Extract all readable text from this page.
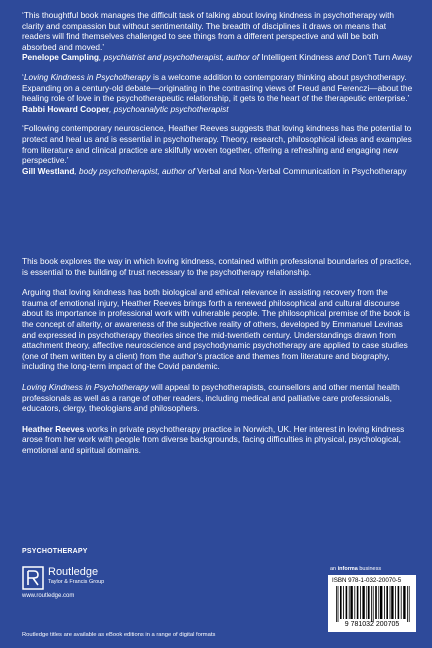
‘This thoughtful book manages the difficult task of talking about loving kindness in psychotherapy with clarity and compassion but without sentimentality. The breadth of disciplines it draws on means that readers will find themselves challenged to see things from a different perspective and will be both absorbed and moved.’

Penelope Campling, psychiatrist and psychotherapist, author of Intelligent Kindness and Don’t Turn Away

‘Loving Kindness in Psychotherapy is a welcome addition to contemporary thinking about psychotherapy. Expanding on a century-old debate—originating in the contrasting views of Freud and Ferenczi—about the healing role of love in the psychotherapeutic relationship, it gets to the heart of the therapeutic enterprise.’

Rabbi Howard Cooper, psychoanalytic psychotherapist

‘Following contemporary neuroscience, Heather Reeves suggests that loving kindness has the potential to protect and heal us and is essential in psychotherapy. Theory, research, philosophical ideas and examples from literature and clinical practice are skilfully woven together, offering a refreshing and engaging new perspective.’

Gill Westland, body psychotherapist, author of Verbal and Non-Verbal Communication in Psychotherapy

This book explores the way in which loving kindness, contained within professional boundaries of practice, is essential to the building of trust necessary to the psychotherapy relationship.

Arguing that loving kindness has both biological and ethical relevance in assisting recovery from the trauma of emotional injury, Heather Reeves brings forth a renewed philosophical and cultural discourse about its importance in professional work with vulnerable people. The philosophical premise of the book is the concept of alterity, or awareness of the subjective reality of others, developed by Emmanuel Levinas and expressed in psychotherapy theories since the mid-twentieth century. Understandings drawn from attachment theory, affective neuroscience and psychodynamic psychotherapy are applied to case studies (one of them written by a client) from the author’s practice and themes from literature and biography, including the long-term impact of the Covid pandemic.

Loving Kindness in Psychotherapy will appeal to psychotherapists, counsellors and other mental health professionals as well as a range of other readers, including medical and palliative care professionals, educators, clergy, theologians and philosophers.

Heather Reeves works in private psychotherapy practice in Norwich, UK. Her interest in loving kindness arose from her work with people from diverse backgrounds, facing difficulties in physical, psychological, emotional and spiritual domains.

PSYCHOTHERAPY
Routledge
Taylor & Francis Group
www.routledge.com
an informa business
ISBN 978-1-032-20070-5
9 781032 200705
Routledge titles are available as eBook editions in a range of digital formats
